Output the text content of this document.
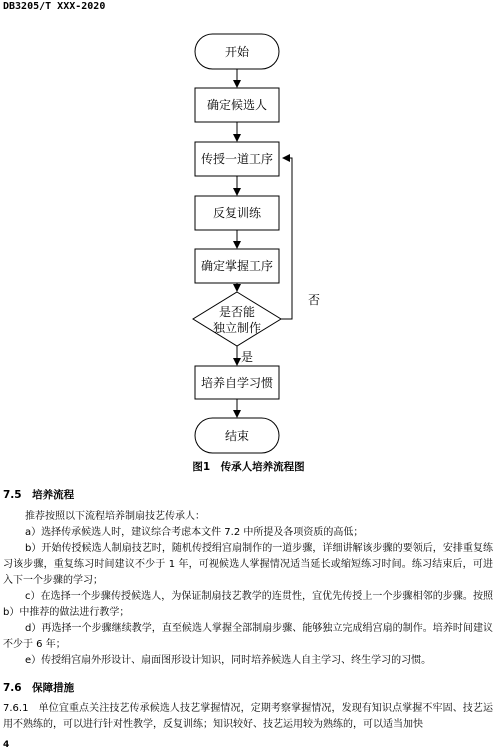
DB3205/T XXX-2020
开始
确定候选人
传授一道工序
反复训练
确定掌握工序
是否能
独立制作
否
是
培养自学习惯
结束
图1　传承人培养流程图
7.5　培养流程
推荐按照以下流程培养制扇技艺传承人：
a）选择传承候选人时，建议综合考虑本文件 7.2 中所提及各项资质的高低；
b）开始传授候选人制扇技艺时，随机传授绢宫扇制作的一道步骤，详细讲解该步骤的要领后，安排重复练习该步骤，重复练习时间建议不少于 1 年，可视候选人掌握情况适当延长或缩短练习时间。练习结束后，可进入下一个步骤的学习；
c）在选择一个步骤传授候选人，为保证制扇技艺教学的连贯性，宜优先传授上一个步骤相邻的步骤。按照 b）中推荐的做法进行教学；
d）再选择一个步骤继续教学，直至候选人掌握全部制扇步骤、能够独立完成绢宫扇的制作。培养时间建议不少于 6 年；
e）传授绢宫扇外形设计、扇面图形设计知识，同时培养候选人自主学习、终生学习的习惯。
7.6　保障措施
7.6.1　单位宜重点关注技艺传承候选人技艺掌握情况，定期考察掌握情况，发现有知识点掌握不牢固、技艺运用不熟练的，可以进行针对性教学，反复训练；知识较好、技艺运用较为熟练的，可以适当加快
4
